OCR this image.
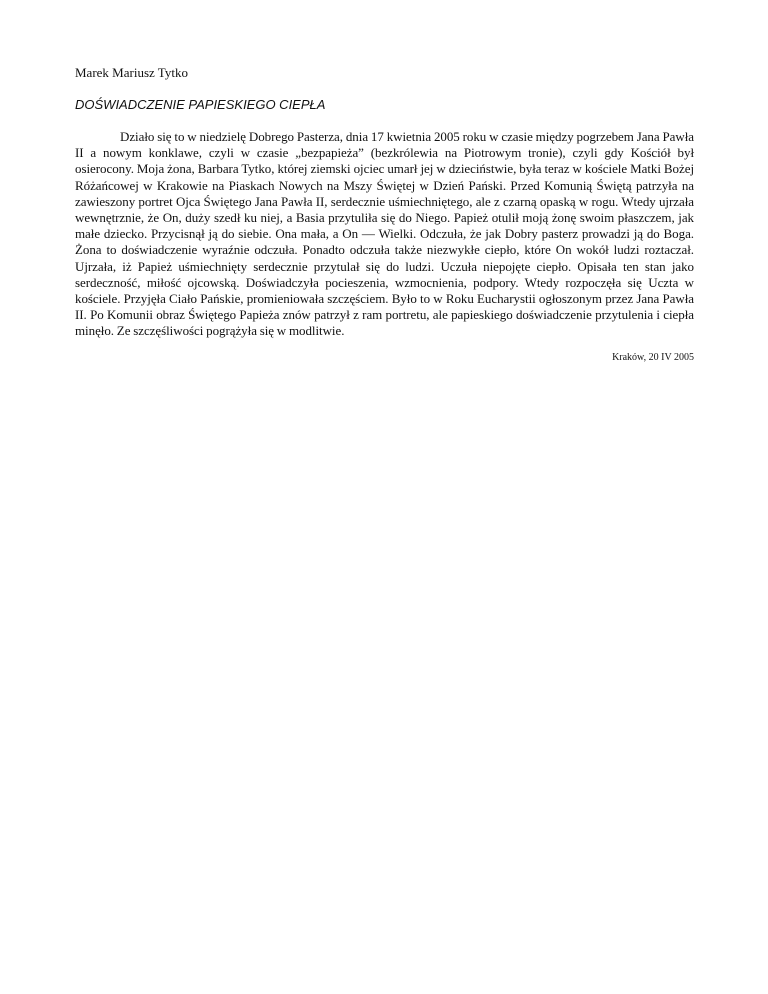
Marek Mariusz Tytko

DOŚWIADCZENIE PAPIESKIEGO CIEPŁA

Działo się to w niedzielę Dobrego Pasterza, dnia 17 kwietnia 2005 roku w czasie między pogrzebem Jana Pawła II a nowym konklawe, czyli w czasie „bezpapieża” (bezkrólewia na Piotrowym tronie), czyli gdy Kościół był osierocony. Moja żona, Barbara Tytko, której ziemski ojciec umarł jej w dzieciństwie, była teraz w kościele Matki Bożej Różańcowej w Krakowie na Piaskach Nowych na Mszy Świętej w Dzień Pański. Przed Komunią Świętą patrzyła na zawieszony portret Ojca Świętego Jana Pawła II, serdecznie uśmiechniętego, ale z czarną opaską w rogu. Wtedy ujrzała wewnętrznie, że On, duży szedł ku niej, a Basia przytuliła się do Niego. Papież otulił moją żonę swoim płaszczem, jak małe dziecko. Przycisnął ją do siebie. Ona mała, a On — Wielki. Odczuła, że jak Dobry pasterz prowadzi ją do Boga. Żona to doświadczenie wyraźnie odczuła. Ponadto odczuła także niezwykłe ciepło, które On wokół ludzi roztaczał. Ujrzała, iż Papież uśmiechnięty serdecznie przytulał się do ludzi. Uczuła niepojęte ciepło. Opisała ten stan jako serdeczność, miłość ojcowską. Doświadczyła pocieszenia, wzmocnienia, podpory. Wtedy rozpoczęła się Uczta w kościele. Przyjęła Ciało Pańskie, promieniowała szczęściem. Było to w Roku Eucharystii ogłoszonym przez Jana Pawła II. Po Komunii obraz Świętego Papieża znów patrzył z ram portretu, ale papieskiego doświadczenie przytulenia i ciepła minęło. Ze szczęśliwości pogrążyła się w modlitwie.

Kraków, 20 IV 2005
